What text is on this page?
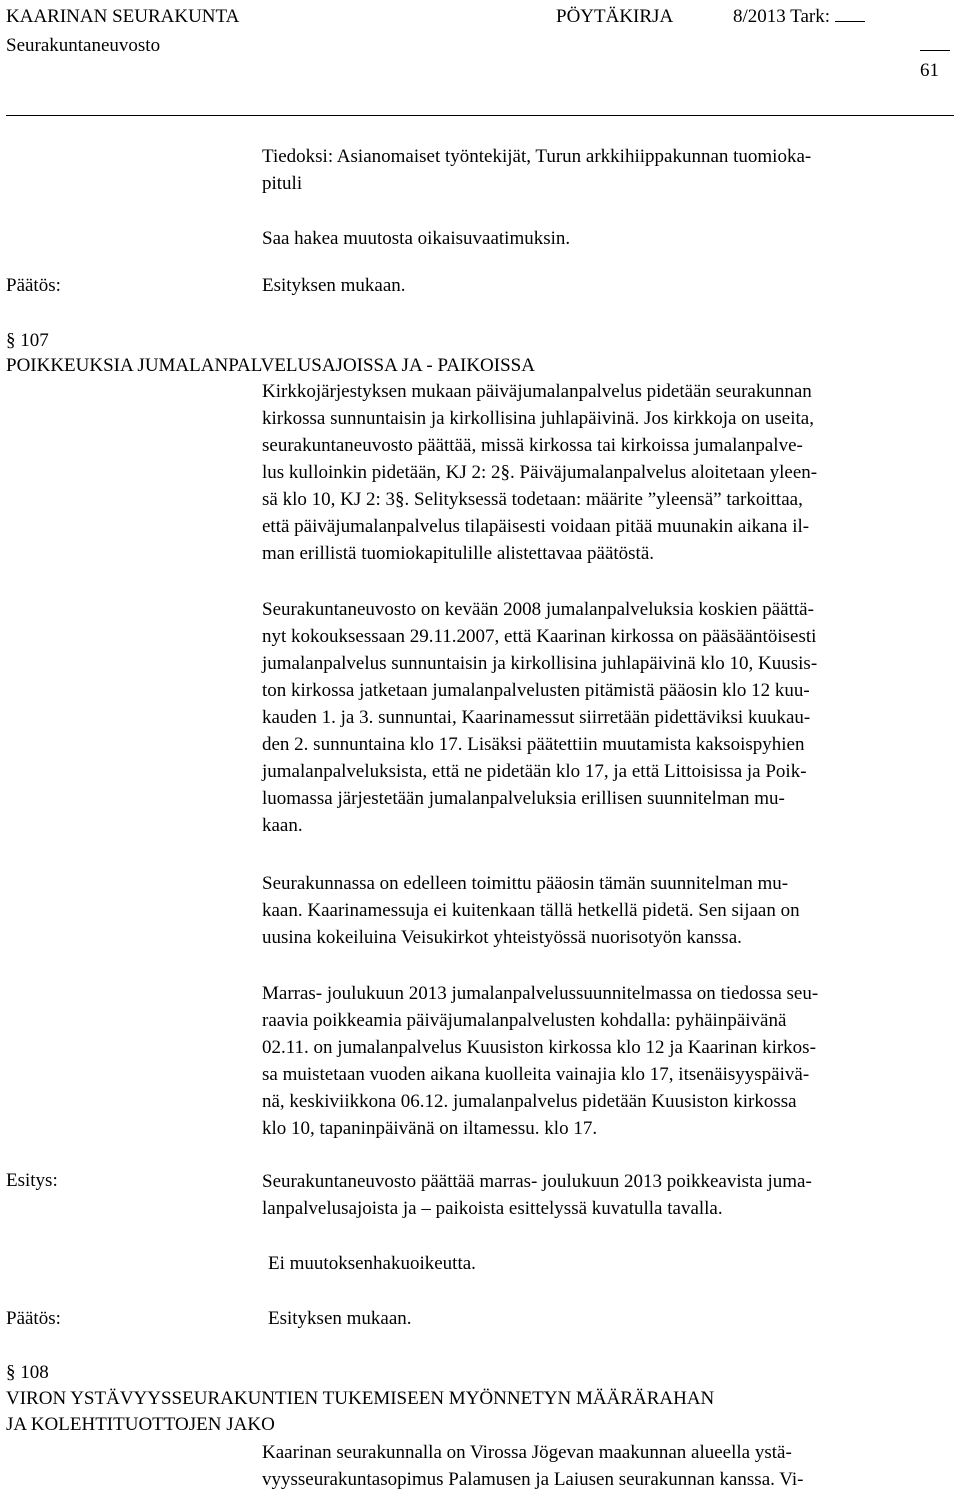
KAARINAN SEURAKUNTA	PÖYTÄKIRJA	8/2013 Tark:
Seurakuntaneuvosto
61
Tiedoksi: Asianomaiset työntekijät, Turun arkkihiippakunnan tuomioka-
pituli
Saa hakea muutosta oikaisuvaatimuksin.
Päätös:	Esityksen mukaan.
§ 107
POIKKEUKSIA JUMALANPALVELUSAJOISSA JA - PAIKOISSA
Kirkkojärjestyksen mukaan päiväjumalanpalvelus pidetään seurakunnan
kirkossa sunnuntaisin ja kirkollisina juhlapäivinä. Jos kirkkoja on useita,
seurakuntaneuvosto päättää, missä kirkossa tai kirkoissa jumalanpalve-
lus kulloinkin pidetään, KJ 2: 2§. Päiväjumalanpalvelus aloitetaan yleen-
sä klo 10, KJ 2: 3§. Selityksessä todetaan: määrite ”yleensä” tarkoittaa,
että päiväjumalanpalvelus tilapäisesti voidaan pitää muunakin aikana il-
man erillistä tuomiokapitulille alistettavaa päätöstä.
Seurakuntaneuvosto on kevään 2008 jumalanpalveluksia koskien päättä-
nyt kokouksessaan 29.11.2007, että Kaarinan kirkossa on pääsääntöisesti
jumalanpalvelus sunnuntaisin ja kirkollisina juhlapäivinä klo 10, Kuusis-
ton kirkossa jatketaan jumalanpalvelusten pitämistä pääosin klo 12 kuu-
kauden 1. ja 3. sunnuntai, Kaarinamessut siirretään pidettäviksi kuukau-
den 2. sunnuntaina klo 17. Lisäksi päätettiin muutamista kaksoispyhien
jumalanpalveluksista, että ne pidetään klo 17, ja että Littoisissa ja Poik-
luomassa järjestetään jumalanpalveluksia erillisen suunnitelman mu-
kaan.
Seurakunnassa on edelleen toimittu pääosin tämän suunnitelman mu-
kaan. Kaarinamessuja ei kuitenkaan tällä hetkellä pidetä. Sen sijaan on
uusina kokeiluina Veisukirkot yhteistyössä nuorisotyön kanssa.
Marras- joulukuun 2013 jumalanpalvelussuunnitelmassa on tiedossa seu-
raavia poikkeamia päiväjumalanpalvelusten kohdalla: pyhäinpäivänä
02.11. on jumalanpalvelus Kuusiston kirkossa klo 12 ja Kaarinan kirkos-
sa muistetaan vuoden aikana kuolleita vainajia klo 17, itsenäisyyspäivä-
nä, keskiviikkona 06.12. jumalanpalvelus pidetään Kuusiston kirkossa
klo 10, tapaninpäivänä on iltamessu. klo 17.
Esitys:	Seurakuntaneuvosto päättää marras- joulukuun 2013 poikkeavista juma-
lanpalvelusajoista ja – paikoista esittelyssä kuvatulla tavalla.
Ei muutoksenhakuoikeutta.
Päätös:	Esityksen mukaan.
§ 108
VIRON YSTÄVYYSSEURAKUNTIEN TUKEMISEEN MYÖNNETYN MÄÄRÄRAHAN
JA KOLEHTITUOTTOJEN JAKO
Kaarinan seurakunnalla on Virossa Jögevan maakunnan alueella ystä-
vyysseurakuntasopimus Palamusen ja Laiusen seurakunnan kanssa. Vi-
